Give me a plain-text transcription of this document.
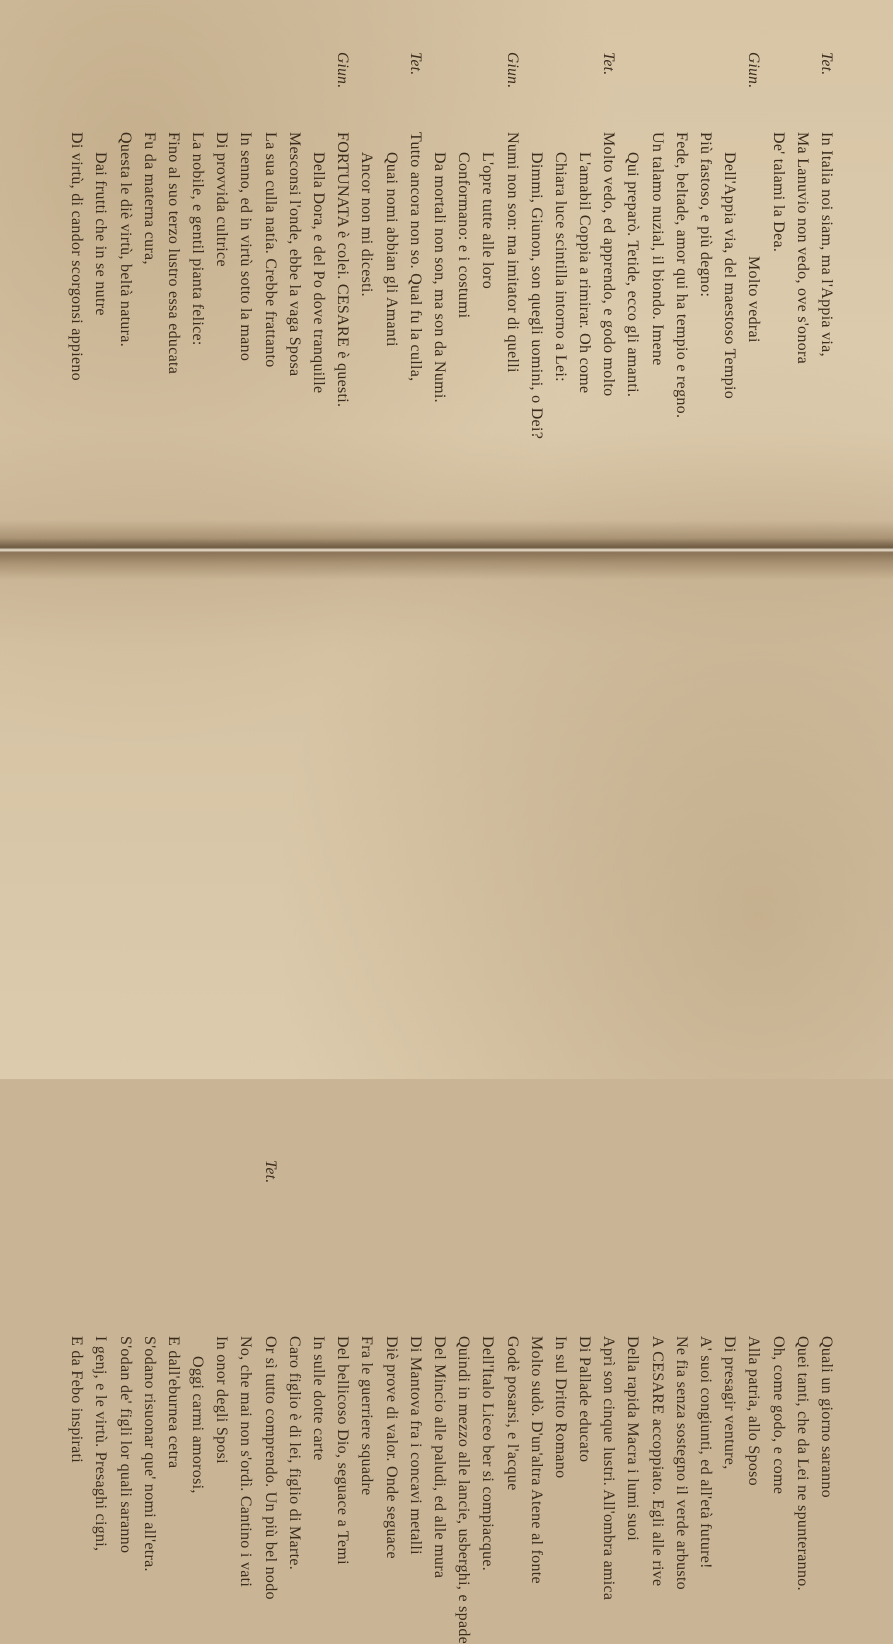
Tet.
In Italia noi siam, ma l'Appia via,
Ma Lanuvio non vedo, ove s'onora
De' talami la Dea.
Giun.
Molto vedrai
Dell'Appia via, del maestoso Tempio
Più fastoso, e più degno:
Fede, beltade, amor qui ha tempio e regno.
Un talamo nuzial, il biondo. Imene
Qui preparò. Tetide, ecco gli amanti.
Tet.
Molto vedo, ed apprendo, e godo molto
L'amabil Coppia a rimirar. Oh come
Chiara luce scintilla intorno a Lei:
Dimmi, Giunon, son quegli uomini, o Dei?
Giun.
Numi non son: ma imitator di quelli
L'opre tutte alle loro
Conformano: e i costumi
Da mortali non son, ma son da Numi.
Tet.
Tutto ancora non so. Qual fu la culla,
Quai nomi abbian gli Amanti
Ancor non mi dicesti.
Giun.
FORTUNATA è colei. CESARE è questi.
Della Dora, e del Po dove tranquille
Mesconsi l'onde, ebbe la vaga Sposa
La sua culla natía. Crebbe frattanto
In senno, ed in virtù sotto la mano
Di provvida cultrice
La nobile, e gentil pianta felice:
Fino al suo terzo lustro essa educata
Fu da materna cura,
Questa le diè virtù, beltà natura.
Dai frutti che in se nutre
Di virtù, di candor scorgonsi appieno
Quali un giorno saranno
Quei tanti, che da Lei ne spunteranno.
Oh, come godo, e come
Alla patria, allo Sposo
Di presagir venture,
A' suoi congiunti, ed all'età future!
Ne fia senza sostegno il verde arbusto
A CESARE accoppiato. Egli alle rive
Della rapida Macra i lumi suoi
Aprì son cinque lustri. All'ombra amica
Di Pallade educato
In sul Dritto Romano
Molto sudò. D'un'altra Atene al fonte
Godè posarsi, e l'acque
Dell'Italo Liceo ber si compiacque.
Quindi in mezzo alle lancie, usberghi, e spade
Del Mincio alle paludi, ed alle mura
Di Mantova fra i concavi metalli
Diè prove di valor. Onde seguace
Fra le guerriere squadre
Del bellicoso Dio, seguace a Temi
In sulle dotte carte
Caro figlio è di lei, figlio di Marte.
Tet.
Or sì tutto comprendo. Un più bel nodo
No, che mai non s'ordì. Cantino i vati
In onor degli Sposi
Oggi carmi amorosi,
E dall'eburnea cetra
S'odano risuonar que' nomi all'etra.
S'odan de' figli lor quali saranno
I genj, e le virtù. Presaghi cigni,
E da Febo inspirati
